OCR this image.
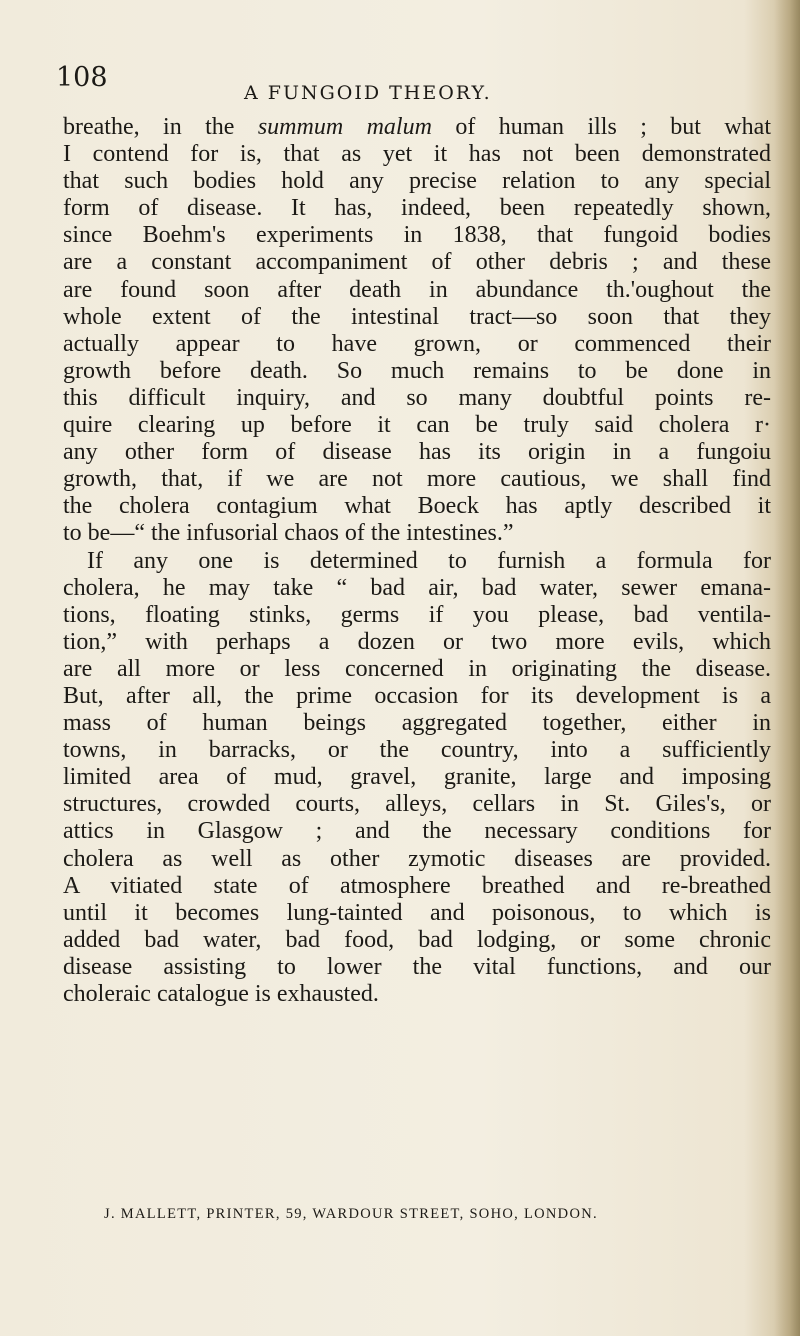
108	A FUNGOID THEORY.
breathe, in the summum malum of human ills ; but what
I contend for is, that as yet it has not been demonstrated
that such bodies hold any precise relation to any special
form of disease. It has, indeed, been repeatedly shown,
since Boehm's experiments in 1838, that fungoid bodies
are a constant accompaniment of other debris ; and these
are found soon after death in abundance th.'oughout the
whole extent of the intestinal tract—so soon that they
actually appear to have grown, or commenced their
growth before death. So much remains to be done in
this difficult inquiry, and so many doubtful points re-
quire clearing up before it can be truly said cholera r·
any other form of disease has its origin in a fungoiu
growth, that, if we are not more cautious, we shall find
the cholera contagium what Boeck has aptly described it
to be—“ the infusorial chaos of the intestines.”
If any one is determined to furnish a formula for
cholera, he may take “ bad air, bad water, sewer emana-
tions, floating stinks, germs if you please, bad ventila-
tion,” with perhaps a dozen or two more evils, which
are all more or less concerned in originating the disease.
But, after all, the prime occasion for its development is a
mass of human beings aggregated together, either in
towns, in barracks, or the country, into a sufficiently
limited area of mud, gravel, granite, large and imposing
structures, crowded courts, alleys, cellars in St. Giles's, or
attics in Glasgow ; and the necessary conditions for
cholera as well as other zymotic diseases are provided.
A vitiated state of atmosphere breathed and re-breathed
until it becomes lung-tainted and poisonous, to which is
added bad water, bad food, bad lodging, or some chronic
disease assisting to lower the vital functions, and our
choleraic catalogue is exhausted.
J. MALLETT, PRINTER, 59, WARDOUR STREET, SOHO, LONDON.
